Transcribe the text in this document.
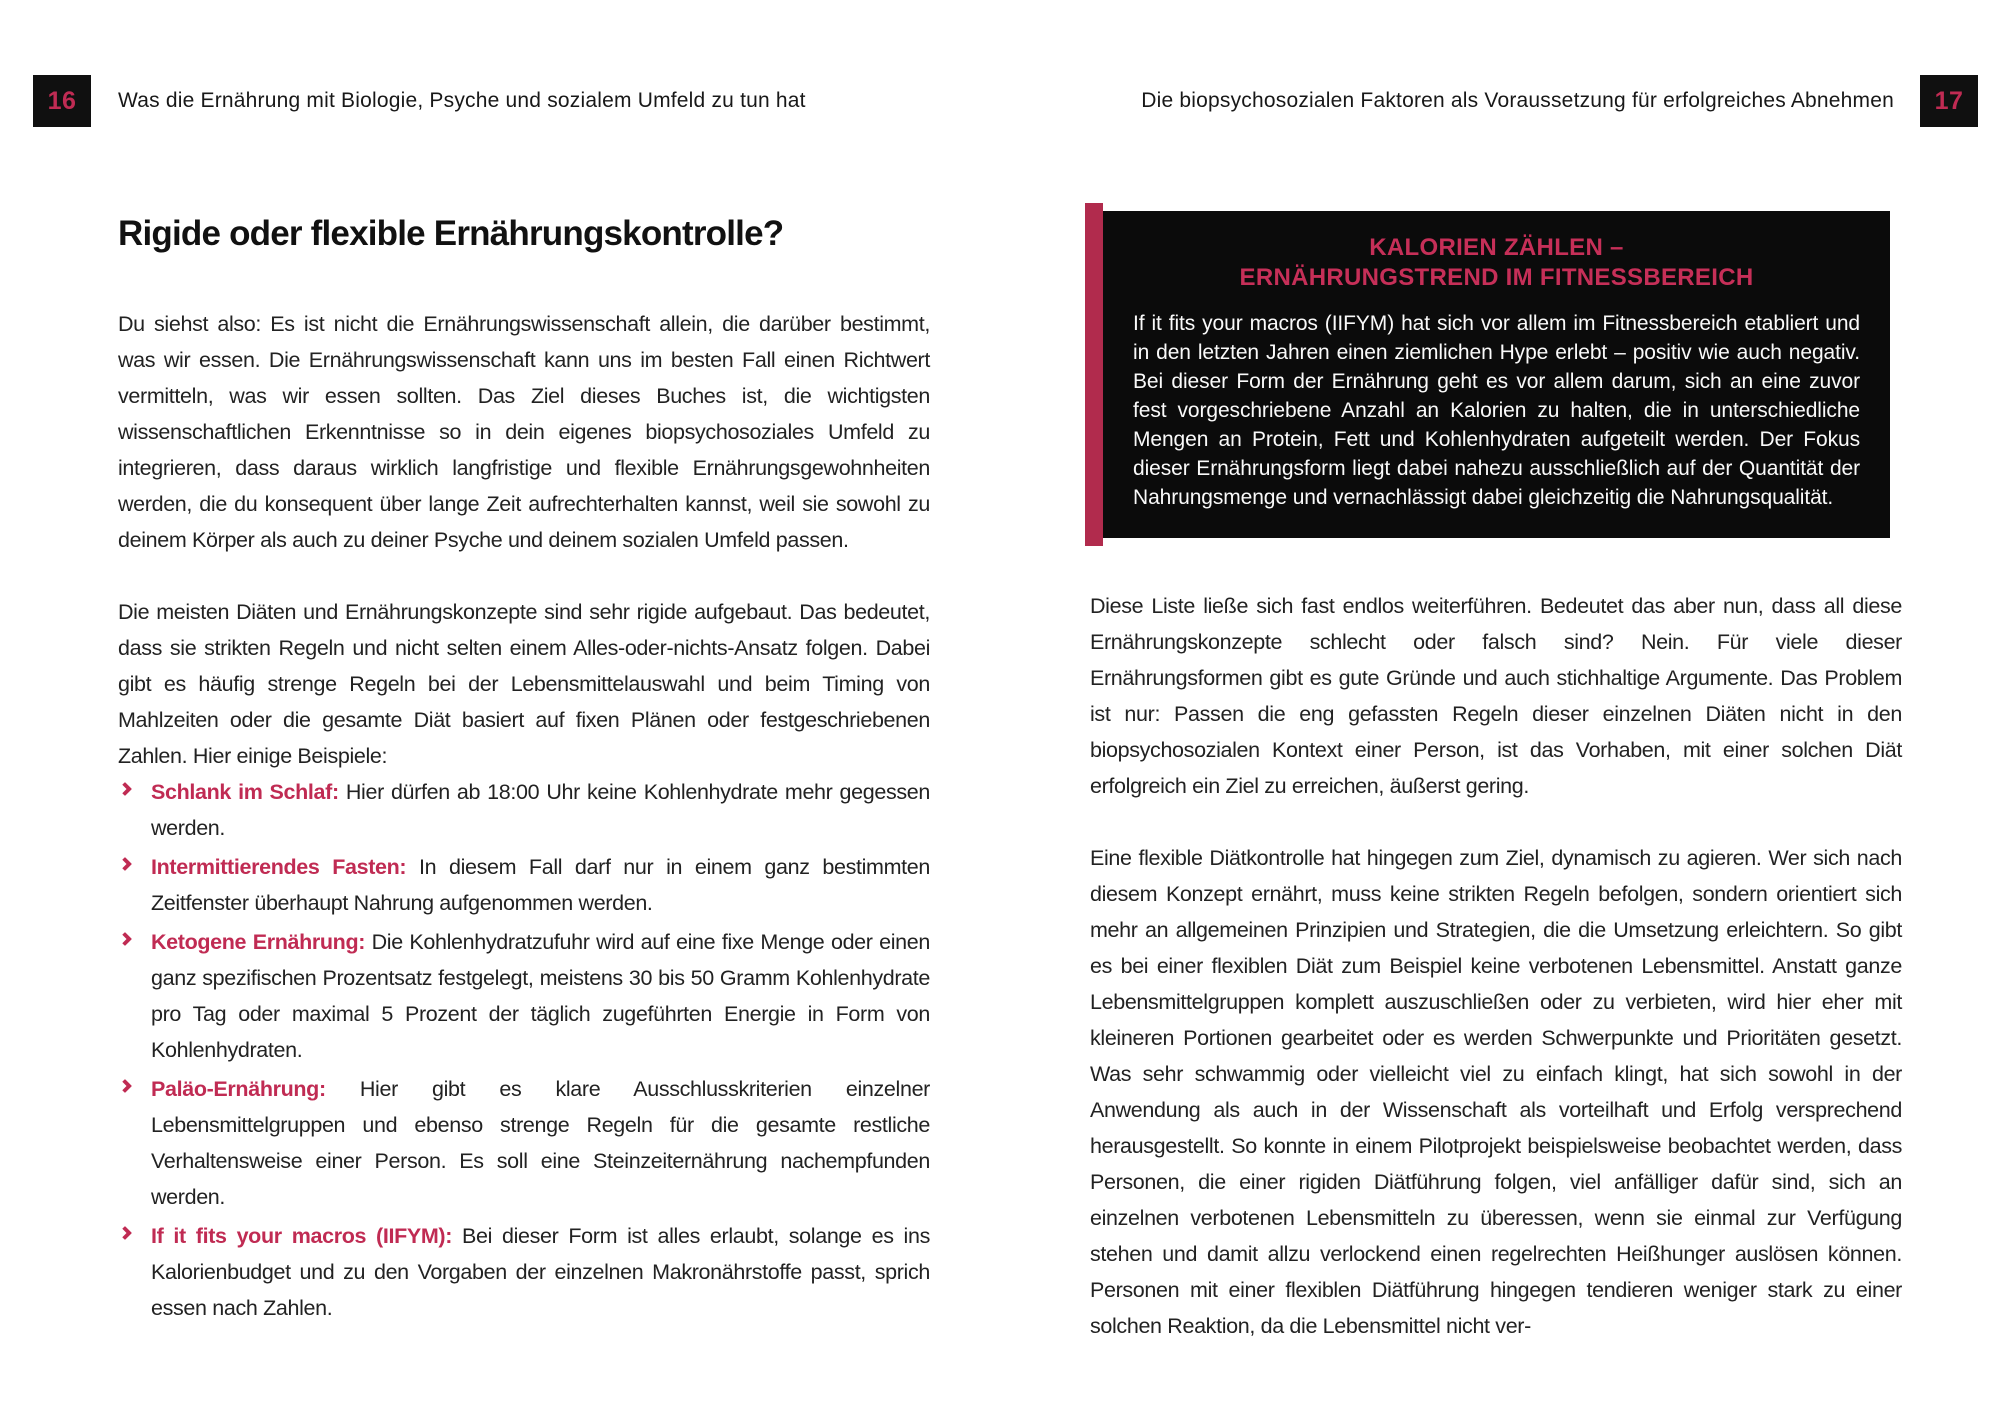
16 Was die Ernährung mit Biologie, Psyche und sozialem Umfeld zu tun hat	Die biopsychosozialen Faktoren als Voraussetzung für erfolgreiches Abnehmen 17
Rigide oder flexible Ernährungskontrolle?

Du siehst also: Es ist nicht die Ernährungswissenschaft allein, die darüber bestimmt, was wir essen. Die Ernährungswissenschaft kann uns im besten Fall einen Richtwert vermitteln, was wir essen sollten. Das Ziel dieses Buches ist, die wichtigsten wissenschaftlichen Erkenntnisse so in dein eigenes biopsychosoziales Umfeld zu integrieren, dass daraus wirklich langfristige und flexible Ernährungsgewohnheiten werden, die du konsequent über lange Zeit aufrechterhalten kannst, weil sie sowohl zu deinem Körper als auch zu deiner Psyche und deinem sozialen Umfeld passen.

Die meisten Diäten und Ernährungskonzepte sind sehr rigide aufgebaut. Das bedeutet, dass sie strikten Regeln und nicht selten einem Alles-oder-nichts-Ansatz folgen. Dabei gibt es häufig strenge Regeln bei der Lebensmittelauswahl und beim Timing von Mahlzeiten oder die gesamte Diät basiert auf fixen Plänen oder festgeschriebenen Zahlen. Hier einige Beispiele:

Schlank im Schlaf: Hier dürfen ab 18:00 Uhr keine Kohlenhydrate mehr gegessen werden.
Intermittierendes Fasten: In diesem Fall darf nur in einem ganz bestimmten Zeitfenster überhaupt Nahrung aufgenommen werden.
Ketogene Ernährung: Die Kohlenhydratzufuhr wird auf eine fixe Menge oder einen ganz spezifischen Prozentsatz festgelegt, meistens 30 bis 50 Gramm Kohlenhydrate pro Tag oder maximal 5 Prozent der täglich zugeführten Energie in Form von Kohlenhydraten.
Paläo-Ernährung: Hier gibt es klare Ausschlusskriterien einzelner Lebensmittelgruppen und ebenso strenge Regeln für die gesamte restliche Verhaltensweise einer Person. Es soll eine Steinzeiternährung nachempfunden werden.
If it fits your macros (IIFYM): Bei dieser Form ist alles erlaubt, solange es ins Kalorienbudget und zu den Vorgaben der einzelnen Makronährstoffe passt, sprich essen nach Zahlen.
KALORIEN ZÄHLEN –
ERNÄHRUNGSTREND IM FITNESSBEREICH

If it fits your macros (IIFYM) hat sich vor allem im Fitnessbereich etabliert und in den letzten Jahren einen ziemlichen Hype erlebt – positiv wie auch negativ. Bei dieser Form der Ernährung geht es vor allem darum, sich an eine zuvor fest vorgeschriebene Anzahl an Kalorien zu halten, die in unterschiedliche Mengen an Protein, Fett und Kohlenhydraten aufgeteilt werden. Der Fokus dieser Ernährungsform liegt dabei nahezu ausschließlich auf der Quantität der Nahrungsmenge und vernachlässigt dabei gleichzeitig die Nahrungsqualität.

Diese Liste ließe sich fast endlos weiterführen. Bedeutet das aber nun, dass all diese Ernährungskonzepte schlecht oder falsch sind? Nein. Für viele dieser Ernährungsformen gibt es gute Gründe und auch stichhaltige Argumente. Das Problem ist nur: Passen die eng gefassten Regeln dieser einzelnen Diäten nicht in den biopsychosozialen Kontext einer Person, ist das Vorhaben, mit einer solchen Diät erfolgreich ein Ziel zu erreichen, äußerst gering.

Eine flexible Diätkontrolle hat hingegen zum Ziel, dynamisch zu agieren. Wer sich nach diesem Konzept ernährt, muss keine strikten Regeln befolgen, sondern orientiert sich mehr an allgemeinen Prinzipien und Strategien, die die Umsetzung erleichtern. So gibt es bei einer flexiblen Diät zum Beispiel keine verbotenen Lebensmittel. Anstatt ganze Lebensmittelgruppen komplett auszuschließen oder zu verbieten, wird hier eher mit kleineren Portionen gearbeitet oder es werden Schwerpunkte und Prioritäten gesetzt. Was sehr schwammig oder vielleicht viel zu einfach klingt, hat sich sowohl in der Anwendung als auch in der Wissenschaft als vorteilhaft und Erfolg versprechend herausgestellt. So konnte in einem Pilotprojekt beispielsweise beobachtet werden, dass Personen, die einer rigiden Diätführung folgen, viel anfälliger dafür sind, sich an einzelnen verbotenen Lebensmitteln zu überessen, wenn sie einmal zur Verfügung stehen und damit allzu verlockend einen regelrechten Heißhunger auslösen können. Personen mit einer flexiblen Diätführung hingegen tendieren weniger stark zu einer solchen Reaktion, da die Lebensmittel nicht ver-
